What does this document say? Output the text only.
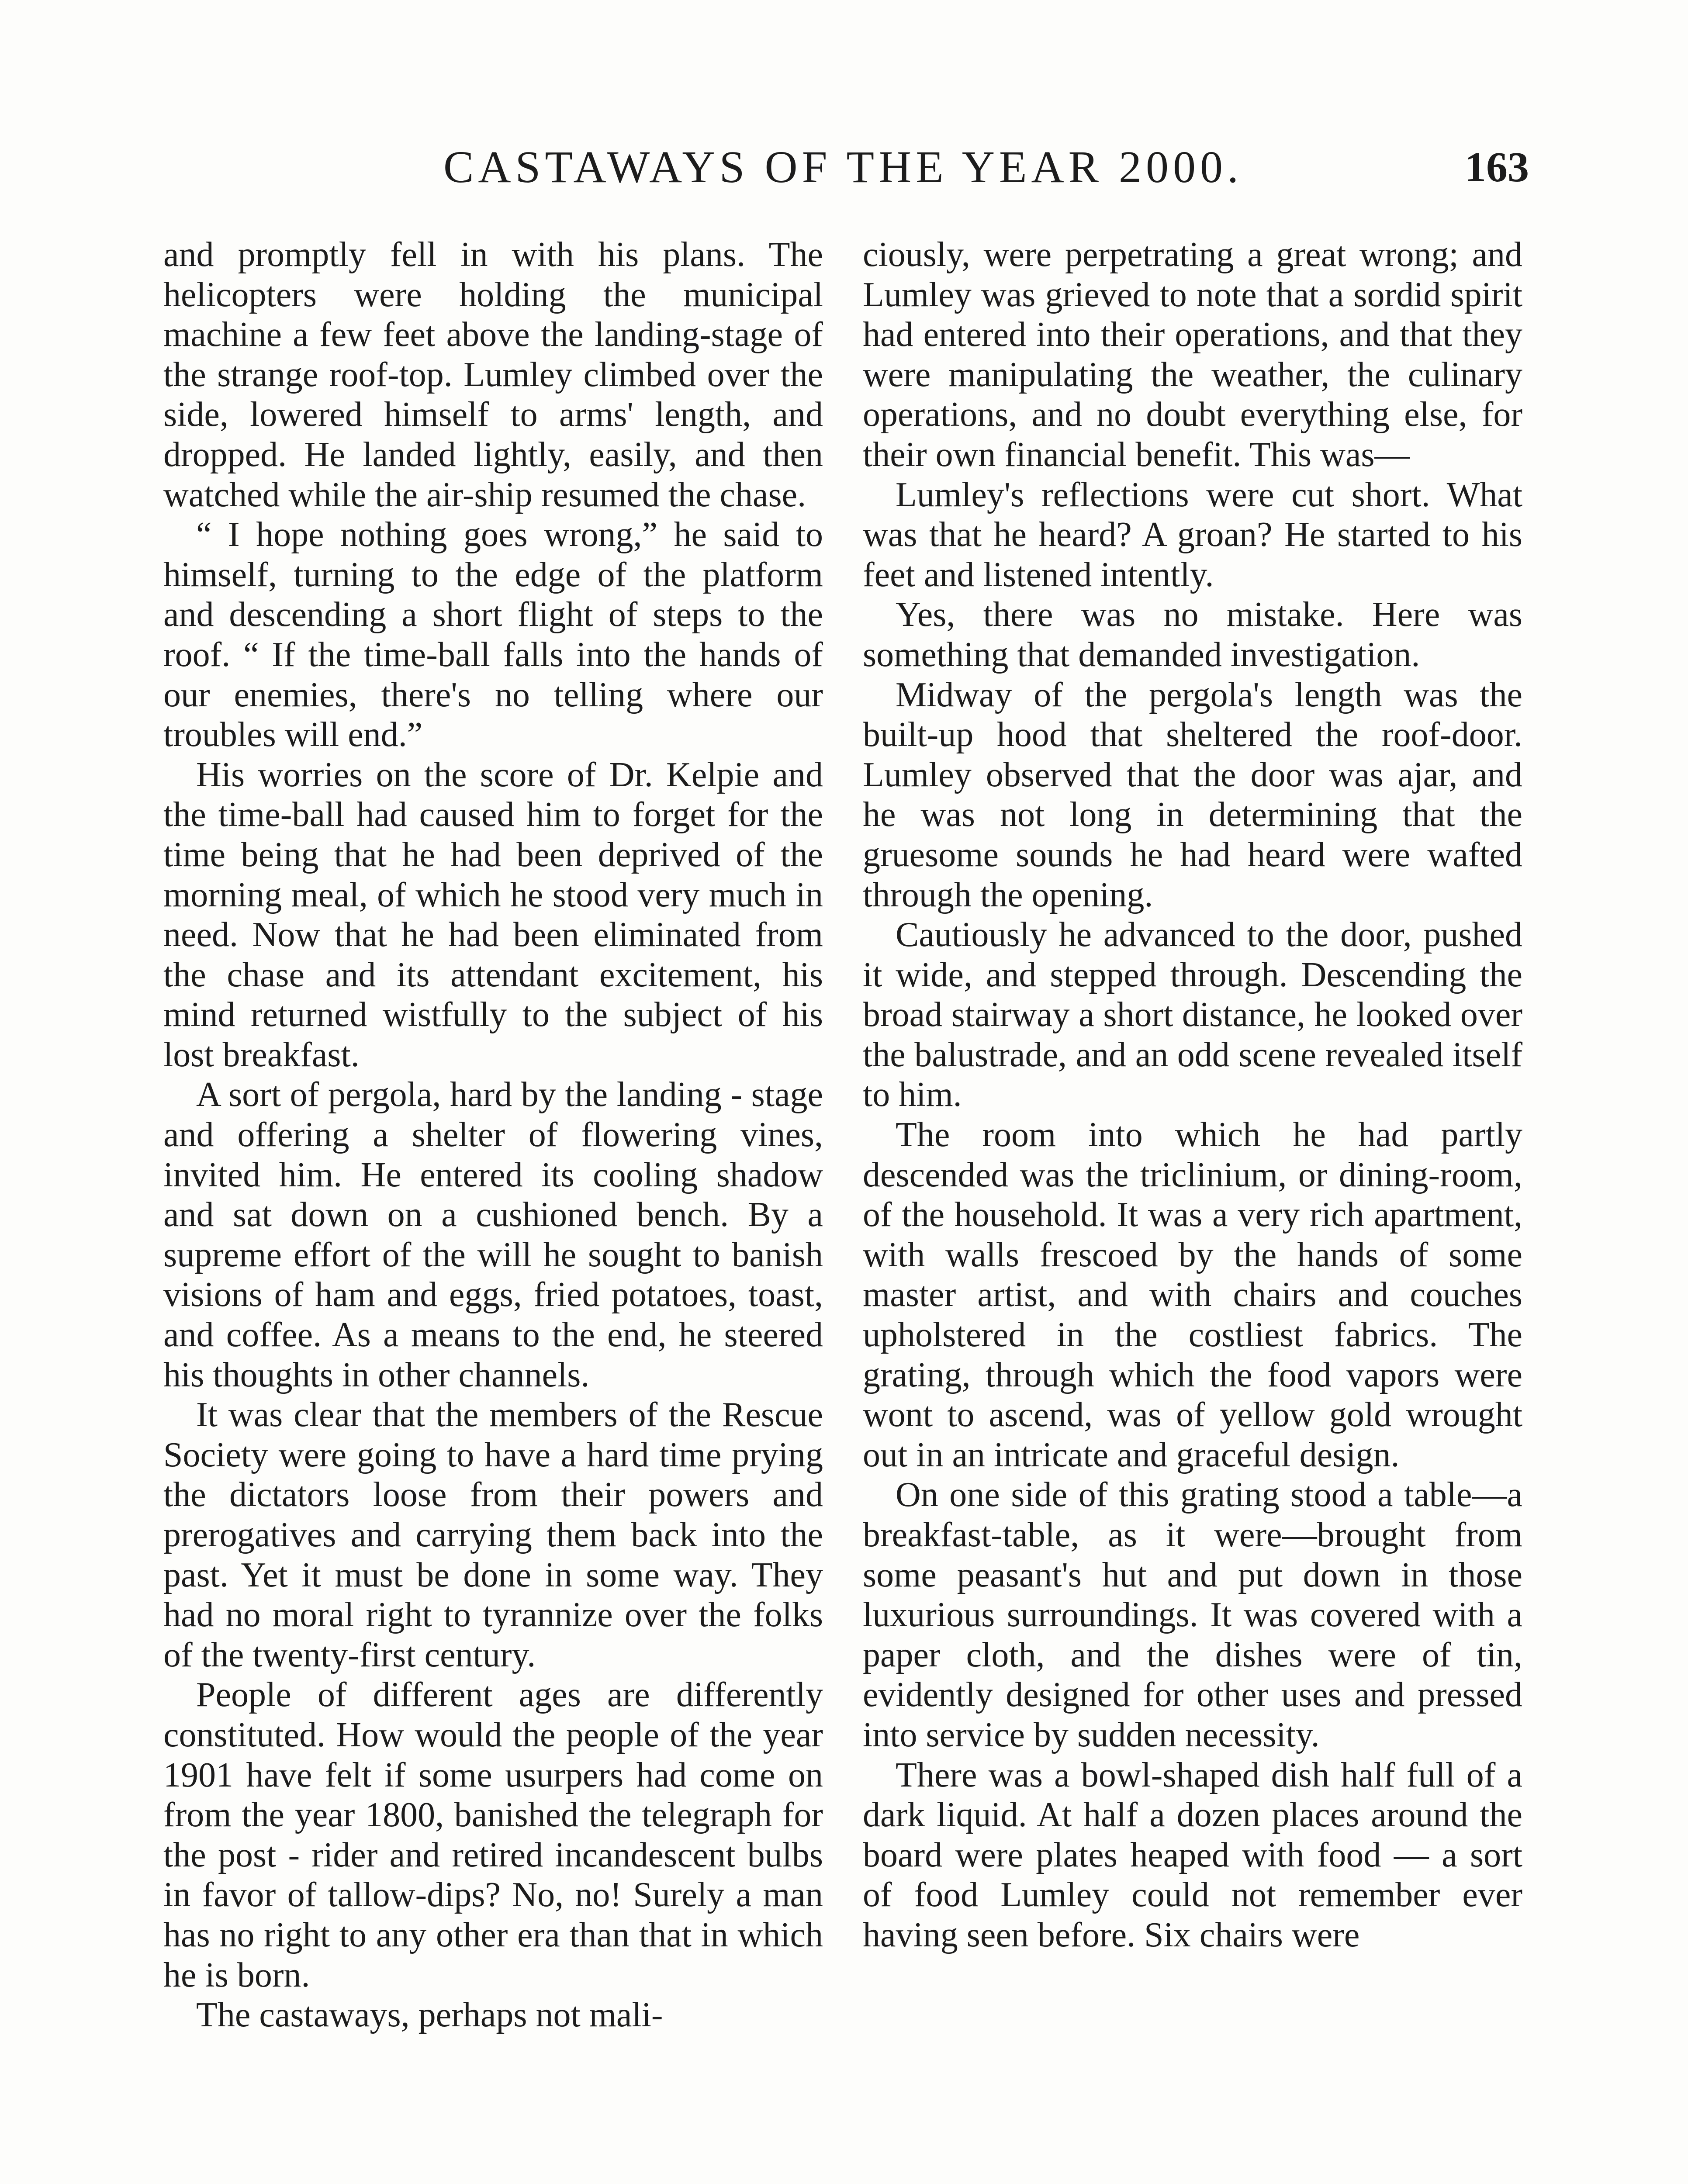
CASTAWAYS OF THE YEAR 2000.	163

and promptly fell in with his plans. The helicopters were holding the municipal machine a few feet above the landing-stage of the strange roof-top. Lumley climbed over the side, lowered himself to arms' length, and dropped. He landed lightly, easily, and then watched while the air-ship resumed the chase.

“ I hope nothing goes wrong,” he said to himself, turning to the edge of the platform and descending a short flight of steps to the roof. “ If the time-ball falls into the hands of our enemies, there's no telling where our troubles will end.”

His worries on the score of Dr. Kelpie and the time-ball had caused him to forget for the time being that he had been deprived of the morning meal, of which he stood very much in need. Now that he had been eliminated from the chase and its attendant excitement, his mind returned wistfully to the subject of his lost breakfast.

A sort of pergola, hard by the landing - stage and offering a shelter of flowering vines, invited him. He entered its cooling shadow and sat down on a cushioned bench. By a supreme effort of the will he sought to banish visions of ham and eggs, fried potatoes, toast, and coffee. As a means to the end, he steered his thoughts in other channels.

It was clear that the members of the Rescue Society were going to have a hard time prying the dictators loose from their powers and prerogatives and carrying them back into the past. Yet it must be done in some way. They had no moral right to tyrannize over the folks of the twenty-first century.

People of different ages are differently constituted. How would the people of the year 1901 have felt if some usurpers had come on from the year 1800, banished the telegraph for the post - rider and retired incandescent bulbs in favor of tallow-dips? No, no! Surely a man has no right to any other era than that in which he is born.

The castaways, perhaps not mali-

ciously, were perpetrating a great wrong; and Lumley was grieved to note that a sordid spirit had entered into their operations, and that they were manipulating the weather, the culinary operations, and no doubt everything else, for their own financial benefit. This was—

Lumley's reflections were cut short. What was that he heard? A groan? He started to his feet and listened intently.

Yes, there was no mistake. Here was something that demanded investigation.

Midway of the pergola's length was the built-up hood that sheltered the roof-door. Lumley observed that the door was ajar, and he was not long in determining that the gruesome sounds he had heard were wafted through the opening.

Cautiously he advanced to the door, pushed it wide, and stepped through. Descending the broad stairway a short distance, he looked over the balustrade, and an odd scene revealed itself to him.

The room into which he had partly descended was the triclinium, or dining-room, of the household. It was a very rich apartment, with walls frescoed by the hands of some master artist, and with chairs and couches upholstered in the costliest fabrics. The grating, through which the food vapors were wont to ascend, was of yellow gold wrought out in an intricate and graceful design.

On one side of this grating stood a table—a breakfast-table, as it were—brought from some peasant's hut and put down in those luxurious surroundings. It was covered with a paper cloth, and the dishes were of tin, evidently designed for other uses and pressed into service by sudden necessity.

There was a bowl-shaped dish half full of a dark liquid. At half a dozen places around the board were plates heaped with food — a sort of food Lumley could not remember ever having seen before. Six chairs were
